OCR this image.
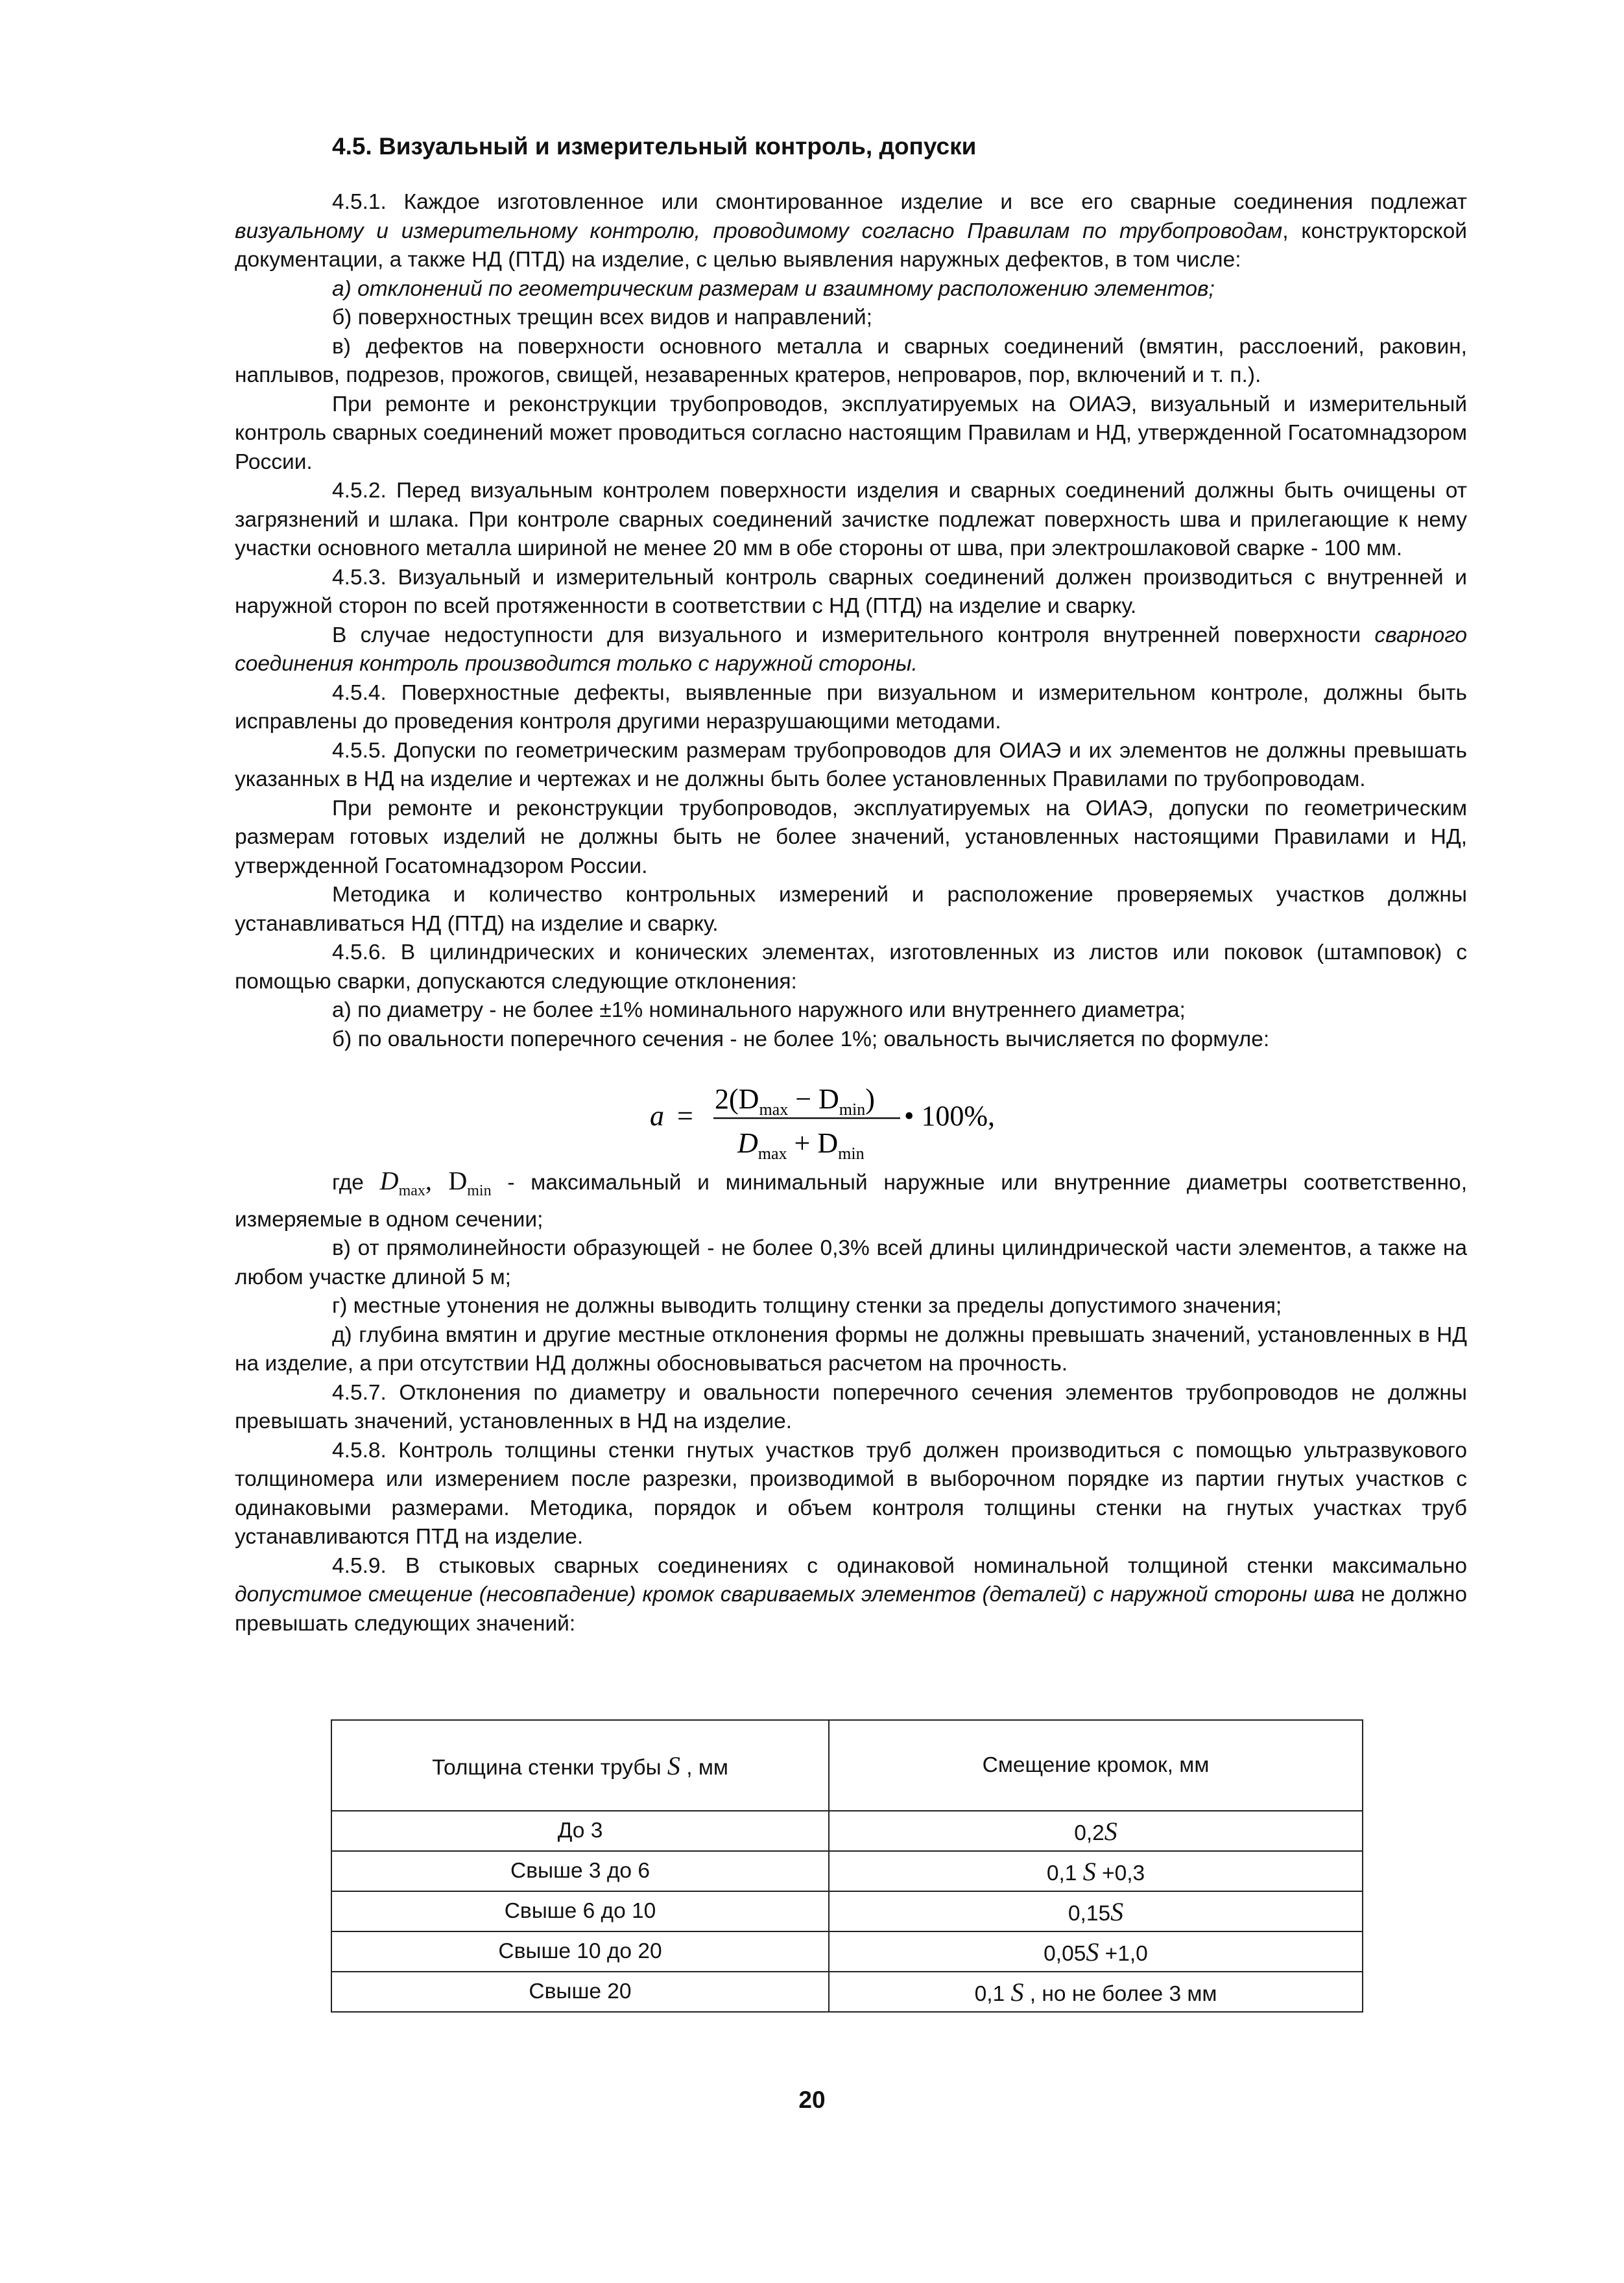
4.5. Визуальный и измерительный контроль, допуски

4.5.1. Каждое изготовленное или смонтированное изделие и все его сварные соединения подлежат визуальному и измерительному контролю, проводимому согласно Правилам по трубопроводам, конструкторской документации, а также НД (ПТД) на изделие, с целью выявления наружных дефектов, в том числе:

а) отклонений по геометрическим размерам и взаимному расположению элементов;

б) поверхностных трещин всех видов и направлений;

в) дефектов на поверхности основного металла и сварных соединений (вмятин, расслоений, раковин, наплывов, подрезов, прожогов, свищей, незаваренных кратеров, непроваров, пор, включений и т. п.).

При ремонте и реконструкции трубопроводов, эксплуатируемых на ОИАЭ, визуальный и измерительный контроль сварных соединений может проводиться согласно настоящим Правилам и НД, утвержденной Госатомнадзором России.

4.5.2. Перед визуальным контролем поверхности изделия и сварных соединений должны быть очищены от загрязнений и шлака. При контроле сварных соединений зачистке подлежат поверхность шва и прилегающие к нему участки основного металла шириной не менее 20 мм в обе стороны от шва, при электрошлаковой сварке - 100 мм.

4.5.3. Визуальный и измерительный контроль сварных соединений должен производиться с внутренней и наружной сторон по всей протяженности в соответствии с НД (ПТД) на изделие и сварку.

В случае недоступности для визуального и измерительного контроля внутренней поверхности сварного соединения контроль производится только с наружной стороны.

4.5.4. Поверхностные дефекты, выявленные при визуальном и измерительном контроле, должны быть исправлены до проведения контроля другими неразрушающими методами.

4.5.5. Допуски по геометрическим размерам трубопроводов для ОИАЭ и их элементов не должны превышать указанных в НД на изделие и чертежах и не должны быть более установленных Правилами по трубопроводам.

При ремонте и реконструкции трубопроводов, эксплуатируемых на ОИАЭ, допуски по геометрическим размерам готовых изделий не должны быть не более значений, установленных настоящими Правилами и НД, утвержденной Госатомнадзором России.

Методика и количество контрольных измерений и расположение проверяемых участков должны устанавливаться НД (ПТД) на изделие и сварку.

4.5.6. В цилиндрических и конических элементах, изготовленных из листов или поковок (штамповок) с помощью сварки, допускаются следующие отклонения:

а) по диаметру - не более ±1% номинального наружного или внутреннего диаметра;

б) по овальности поперечного сечения - не более 1%; овальность вычисляется по формуле:

a =
$2(D_{max} - D_{min})$
$D_{max} + D_{min}$
• 100%,

где $D_{max}$, $D_{min}$ - максимальный и минимальный наружные или внутренние диаметры соответственно, измеряемые в одном сечении;

в) от прямолинейности образующей - не более 0,3% всей длины цилиндрической части элементов, а также на любом участке длиной 5 м;

г) местные утонения не должны выводить толщину стенки за пределы допустимого значения;

д) глубина вмятин и другие местные отклонения формы не должны превышать значений, установленных в НД на изделие, а при отсутствии НД должны обосновываться расчетом на прочность.

4.5.7. Отклонения по диаметру и овальности поперечного сечения элементов трубопроводов не должны превышать значений, установленных в НД на изделие.

4.5.8. Контроль толщины стенки гнутых участков труб должен производиться с помощью ультразвукового толщиномера или измерением после разрезки, производимой в выборочном порядке из партии гнутых участков с одинаковыми размерами. Методика, порядок и объем контроля толщины стенки на гнутых участках труб устанавливаются ПТД на изделие.

4.5.9. В стыковых сварных соединениях с одинаковой номинальной толщиной стенки максимально допустимое смещение (несовпадение) кромок свариваемых элементов (деталей) с наружной стороны шва не должно превышать следующих значений:

Толщина стенки трубы S , мм	Смещение кромок, мм
До 3	0,2S
Свыше 3 до 6	0,1 S +0,3
Свыше 6 до 10	0,15S
Свыше 10 до 20	0,05S +1,0
Свыше 20	0,1 S , но не более 3 мм
20
